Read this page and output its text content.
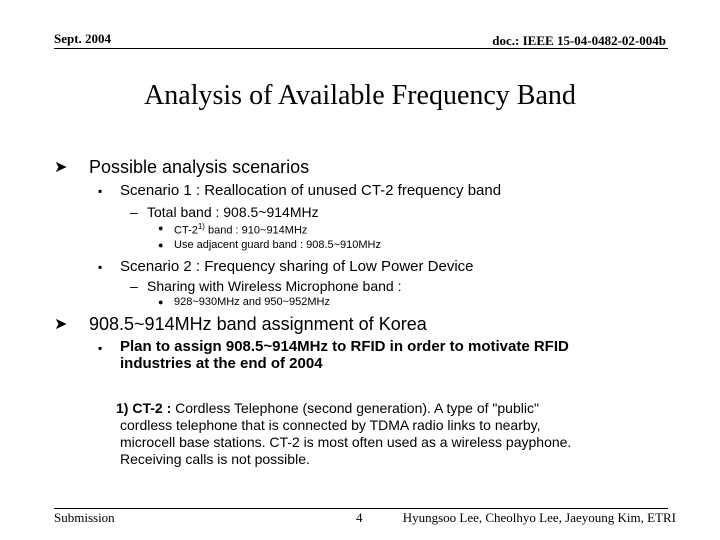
Sept. 2004	doc.: IEEE 15-04-0482-02-004b
Analysis of Available Frequency Band
➤ Possible analysis scenarios
▪ Scenario 1 : Reallocation of unused CT-2 frequency band
– Total band : 908.5~914MHz
● CT-2$^{1)}$ band : 910~914MHz
● Use adjacent guard band : 908.5~910MHz
▪ Scenario 2 : Frequency sharing of Low Power Device
– Sharing with Wireless Microphone band :
● 928~930MHz and 950~952MHz
➤ 908.5~914MHz band assignment of Korea
▪ Plan to assign 908.5~914MHz to RFID in order to motivate RFID
industries at the end of 2004
1) CT-2 : Cordless Telephone (second generation). A type of "public"
cordless telephone that is connected by TDMA radio links to nearby,
microcell base stations. CT-2 is most often used as a wireless payphone.
Receiving calls is not possible.
Submission	4	Hyungsoo Lee, Cheolhyo Lee, Jaeyoung Kim, ETRI
